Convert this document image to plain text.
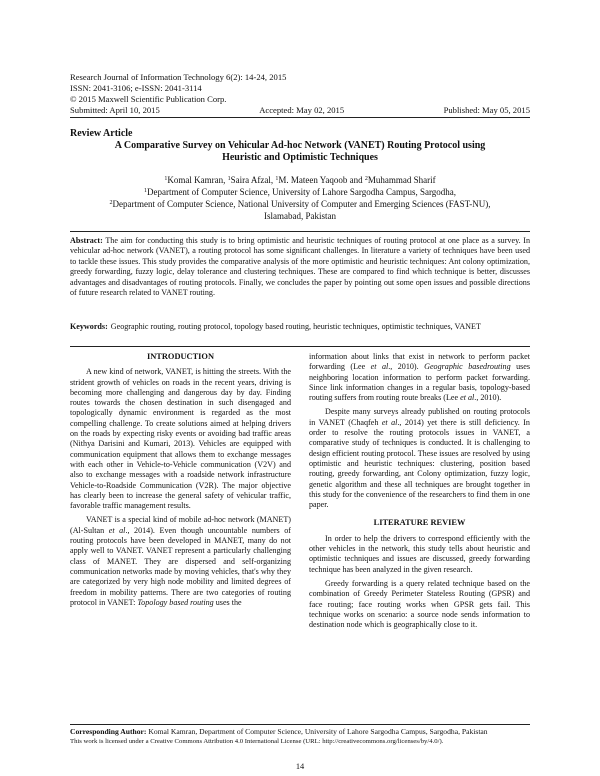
Research Journal of Information Technology 6(2): 14-24, 2015
ISSN: 2041-3106; e-ISSN: 2041-3114
© 2015 Maxwell Scientific Publication Corp.
Submitted: April 10, 2015	Accepted: May 02, 2015	Published: May 05, 2015
Review Article
A Comparative Survey on Vehicular Ad-hoc Network (VANET) Routing Protocol using
Heuristic and Optimistic Techniques
$^1$Komal Kamran, $^1$Saira Afzal, $^1$M. Mateen Yaqoob and $^2$Muhammad Sharif
$^1$Department of Computer Science, University of Lahore Sargodha Campus, Sargodha,
$^2$Department of Computer Science, National University of Computer and Emerging Sciences (FAST-NU),
Islamabad, Pakistan
Abstract: The aim for conducting this study is to bring optimistic and heuristic techniques of routing protocol at one place as a survey. In vehicular ad-hoc network (VANET), a routing protocol has some significant challenges. In literature a variety of techniques have been used to tackle these issues. This study provides the comparative analysis of the more optimistic and heuristic techniques: Ant colony optimization, greedy forwarding, fuzzy logic, delay tolerance and clustering techniques. These are compared to find which technique is better, discusses advantages and disadvantages of routing protocols. Finally, we concludes the paper by pointing out some open issues and possible directions of future research related to VANET routing.
Keywords: Geographic routing, routing protocol, topology based routing, heuristic techniques, optimistic techniques, VANET
INTRODUCTION

A new kind of network, VANET, is hitting the streets. With the strident growth of vehicles on roads in the recent years, driving is becoming more challenging and dangerous day by day. Finding routes towards the chosen destination in such disengaged and topologically dynamic environment is regarded as the most compelling challenge. To create solutions aimed at helping drivers on the roads by expecting risky events or avoiding bad traffic areas (Nithya Darisini and Kumari, 2013). Vehicles are equipped with communication equipment that allows them to exchange messages with each other in Vehicle-to-Vehicle communication (V2V) and also to exchange messages with a roadside network infrastructure Vehicle-to-Roadside Communication (V2R). The major objective has clearly been to increase the general safety of vehicular traffic, favorable traffic management results.

VANET is a special kind of mobile ad-hoc network (MANET) (Al-Sultan et al., 2014). Even though uncountable numbers of routing protocols have been developed in MANET, many do not apply well to VANET. VANET represent a particularly challenging class of MANET. They are dispersed and self-organizing communication networks made by moving vehicles, that's why they are categorized by very high node mobility and limited degrees of freedom in mobility patterns. There are two categories of routing protocol in VANET: Topology based routing uses the

information about links that exist in network to perform packet forwarding (Lee et al., 2010). Geographic basedrouting uses neighboring location information to perform packet forwarding. Since link information changes in a regular basis, topology-based routing suffers from routing route breaks (Lee et al., 2010).

Despite many surveys already published on routing protocols in VANET (Chaqfeh et al., 2014) yet there is still deficiency. In order to resolve the routing protocols issues in VANET, a comparative study of techniques is conducted. It is challenging to design efficient routing protocol. These issues are resolved by using optimistic and heuristic techniques: clustering, position based routing, greedy forwarding, ant Colony optimization, fuzzy logic, genetic algorithm and these all techniques are brought together in this study for the convenience of the researchers to find them in one paper.

LITERATURE REVIEW

In order to help the drivers to correspond efficiently with the other vehicles in the network, this study tells about heuristic and optimistic techniques and issues are discussed, greedy forwarding technique has been analyzed in the given research.

Greedy forwarding is a query related technique based on the combination of Greedy Perimeter Stateless Routing (GPSR) and face routing; face routing works when GPSR gets fail. This technique works on scenario: a source node sends information to destination node which is geographically close to it.

Corresponding Author: Komal Kamran, Department of Computer Science, University of Lahore Sargodha Campus, Sargodha, Pakistan
This work is licensed under a Creative Commons Attribution 4.0 International License (URL: http://creativecommons.org/licenses/by/4.0/).
14
